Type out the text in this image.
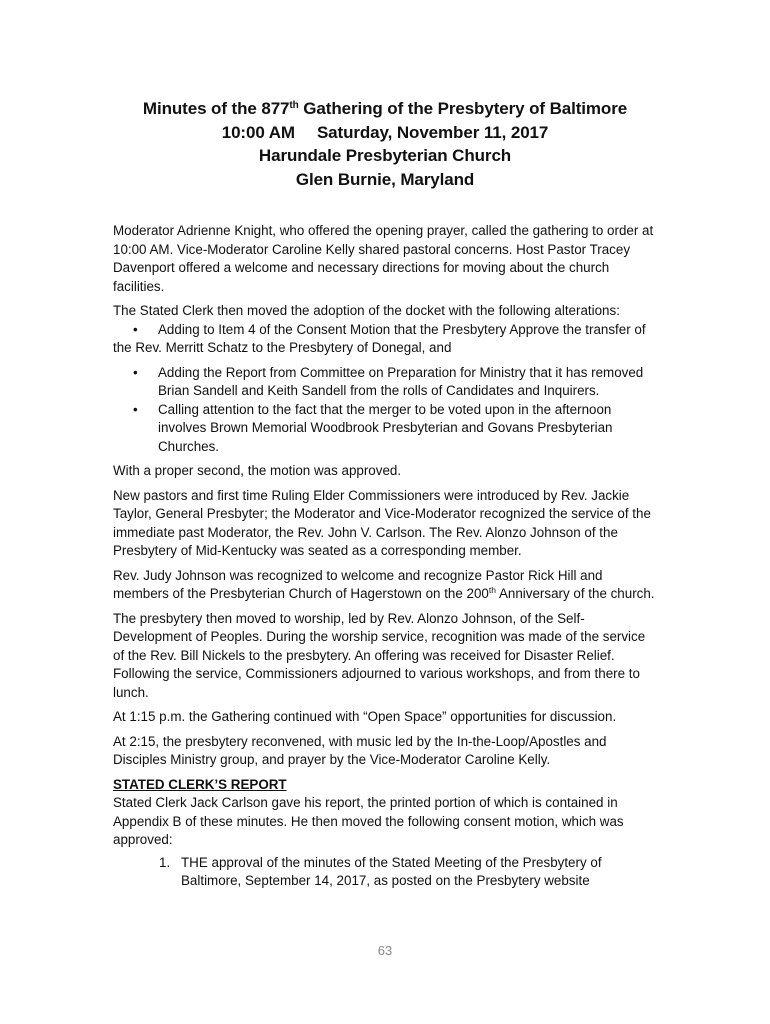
Minutes of the 877th Gathering of the Presbytery of Baltimore
10:00 AM Saturday, November 11, 2017
Harundale Presbyterian Church
Glen Burnie, Maryland

Moderator Adrienne Knight, who offered the opening prayer, called the gathering to order at 10:00 AM. Vice-Moderator Caroline Kelly shared pastoral concerns. Host Pastor Tracey Davenport offered a welcome and necessary directions for moving about the church facilities.

The Stated Clerk then moved the adoption of the docket with the following alterations:

• Adding to Item 4 of the Consent Motion that the Presbytery Approve the transfer of the Rev. Merritt Schatz to the Presbytery of Donegal, and

• Adding the Report from Committee on Preparation for Ministry that it has removed Brian Sandell and Keith Sandell from the rolls of Candidates and Inquirers.
• Calling attention to the fact that the merger to be voted upon in the afternoon involves Brown Memorial Woodbrook Presbyterian and Govans Presbyterian Churches.

With a proper second, the motion was approved.

New pastors and first time Ruling Elder Commissioners were introduced by Rev. Jackie Taylor, General Presbyter; the Moderator and Vice-Moderator recognized the service of the immediate past Moderator, the Rev. John V. Carlson. The Rev. Alonzo Johnson of the Presbytery of Mid-Kentucky was seated as a corresponding member.

Rev. Judy Johnson was recognized to welcome and recognize Pastor Rick Hill and members of the Presbyterian Church of Hagerstown on the 200th Anniversary of the church.

The presbytery then moved to worship, led by Rev. Alonzo Johnson, of the Self-Development of Peoples. During the worship service, recognition was made of the service of the Rev. Bill Nickels to the presbytery. An offering was received for Disaster Relief. Following the service, Commissioners adjourned to various workshops, and from there to lunch.

At 1:15 p.m. the Gathering continued with “Open Space” opportunities for discussion.

At 2:15, the presbytery reconvened, with music led by the In-the-Loop/Apostles and Disciples Ministry group, and prayer by the Vice-Moderator Caroline Kelly.

STATED CLERK’S REPORT

Stated Clerk Jack Carlson gave his report, the printed portion of which is contained in Appendix B of these minutes. He then moved the following consent motion, which was approved:

1. THE approval of the minutes of the Stated Meeting of the Presbytery of Baltimore, September 14, 2017, as posted on the Presbytery website
63
